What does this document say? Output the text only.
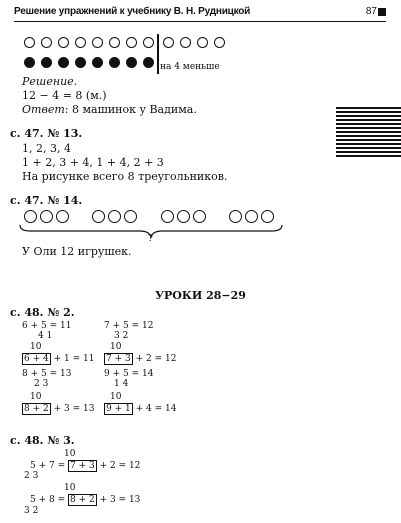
Решение упражнений к учебнику В. Н. Рудницкой	87
на 4 меньше
Решение.
12 − 4 = 8 (м.)
Ответ: 8 машинок у Вадима.
с. 47. № 13.
1, 2, 3, 4
1 + 2, 3 + 4, 1 + 4, 2 + 3
На рисунке всего 8 треугольников.
с. 47. № 14.
?
У Оли 12 игрушек.
УРОКИ 28−29
с. 48. № 2.
6 + 5 = 11
4 1
10
6 + 4 + 1 = 11
8 + 5 = 13
2 3
10
8 + 2 + 3 = 13
7 + 5 = 12
3 2
10
7 + 3 + 2 = 12
9 + 5 = 14
1 4
10
9 + 1 + 4 = 14
с. 48. № 3.
10
5 + 7 = 7 + 3 + 2 = 12
2 3
10
5 + 8 = 8 + 2 + 3 = 13
3 2
